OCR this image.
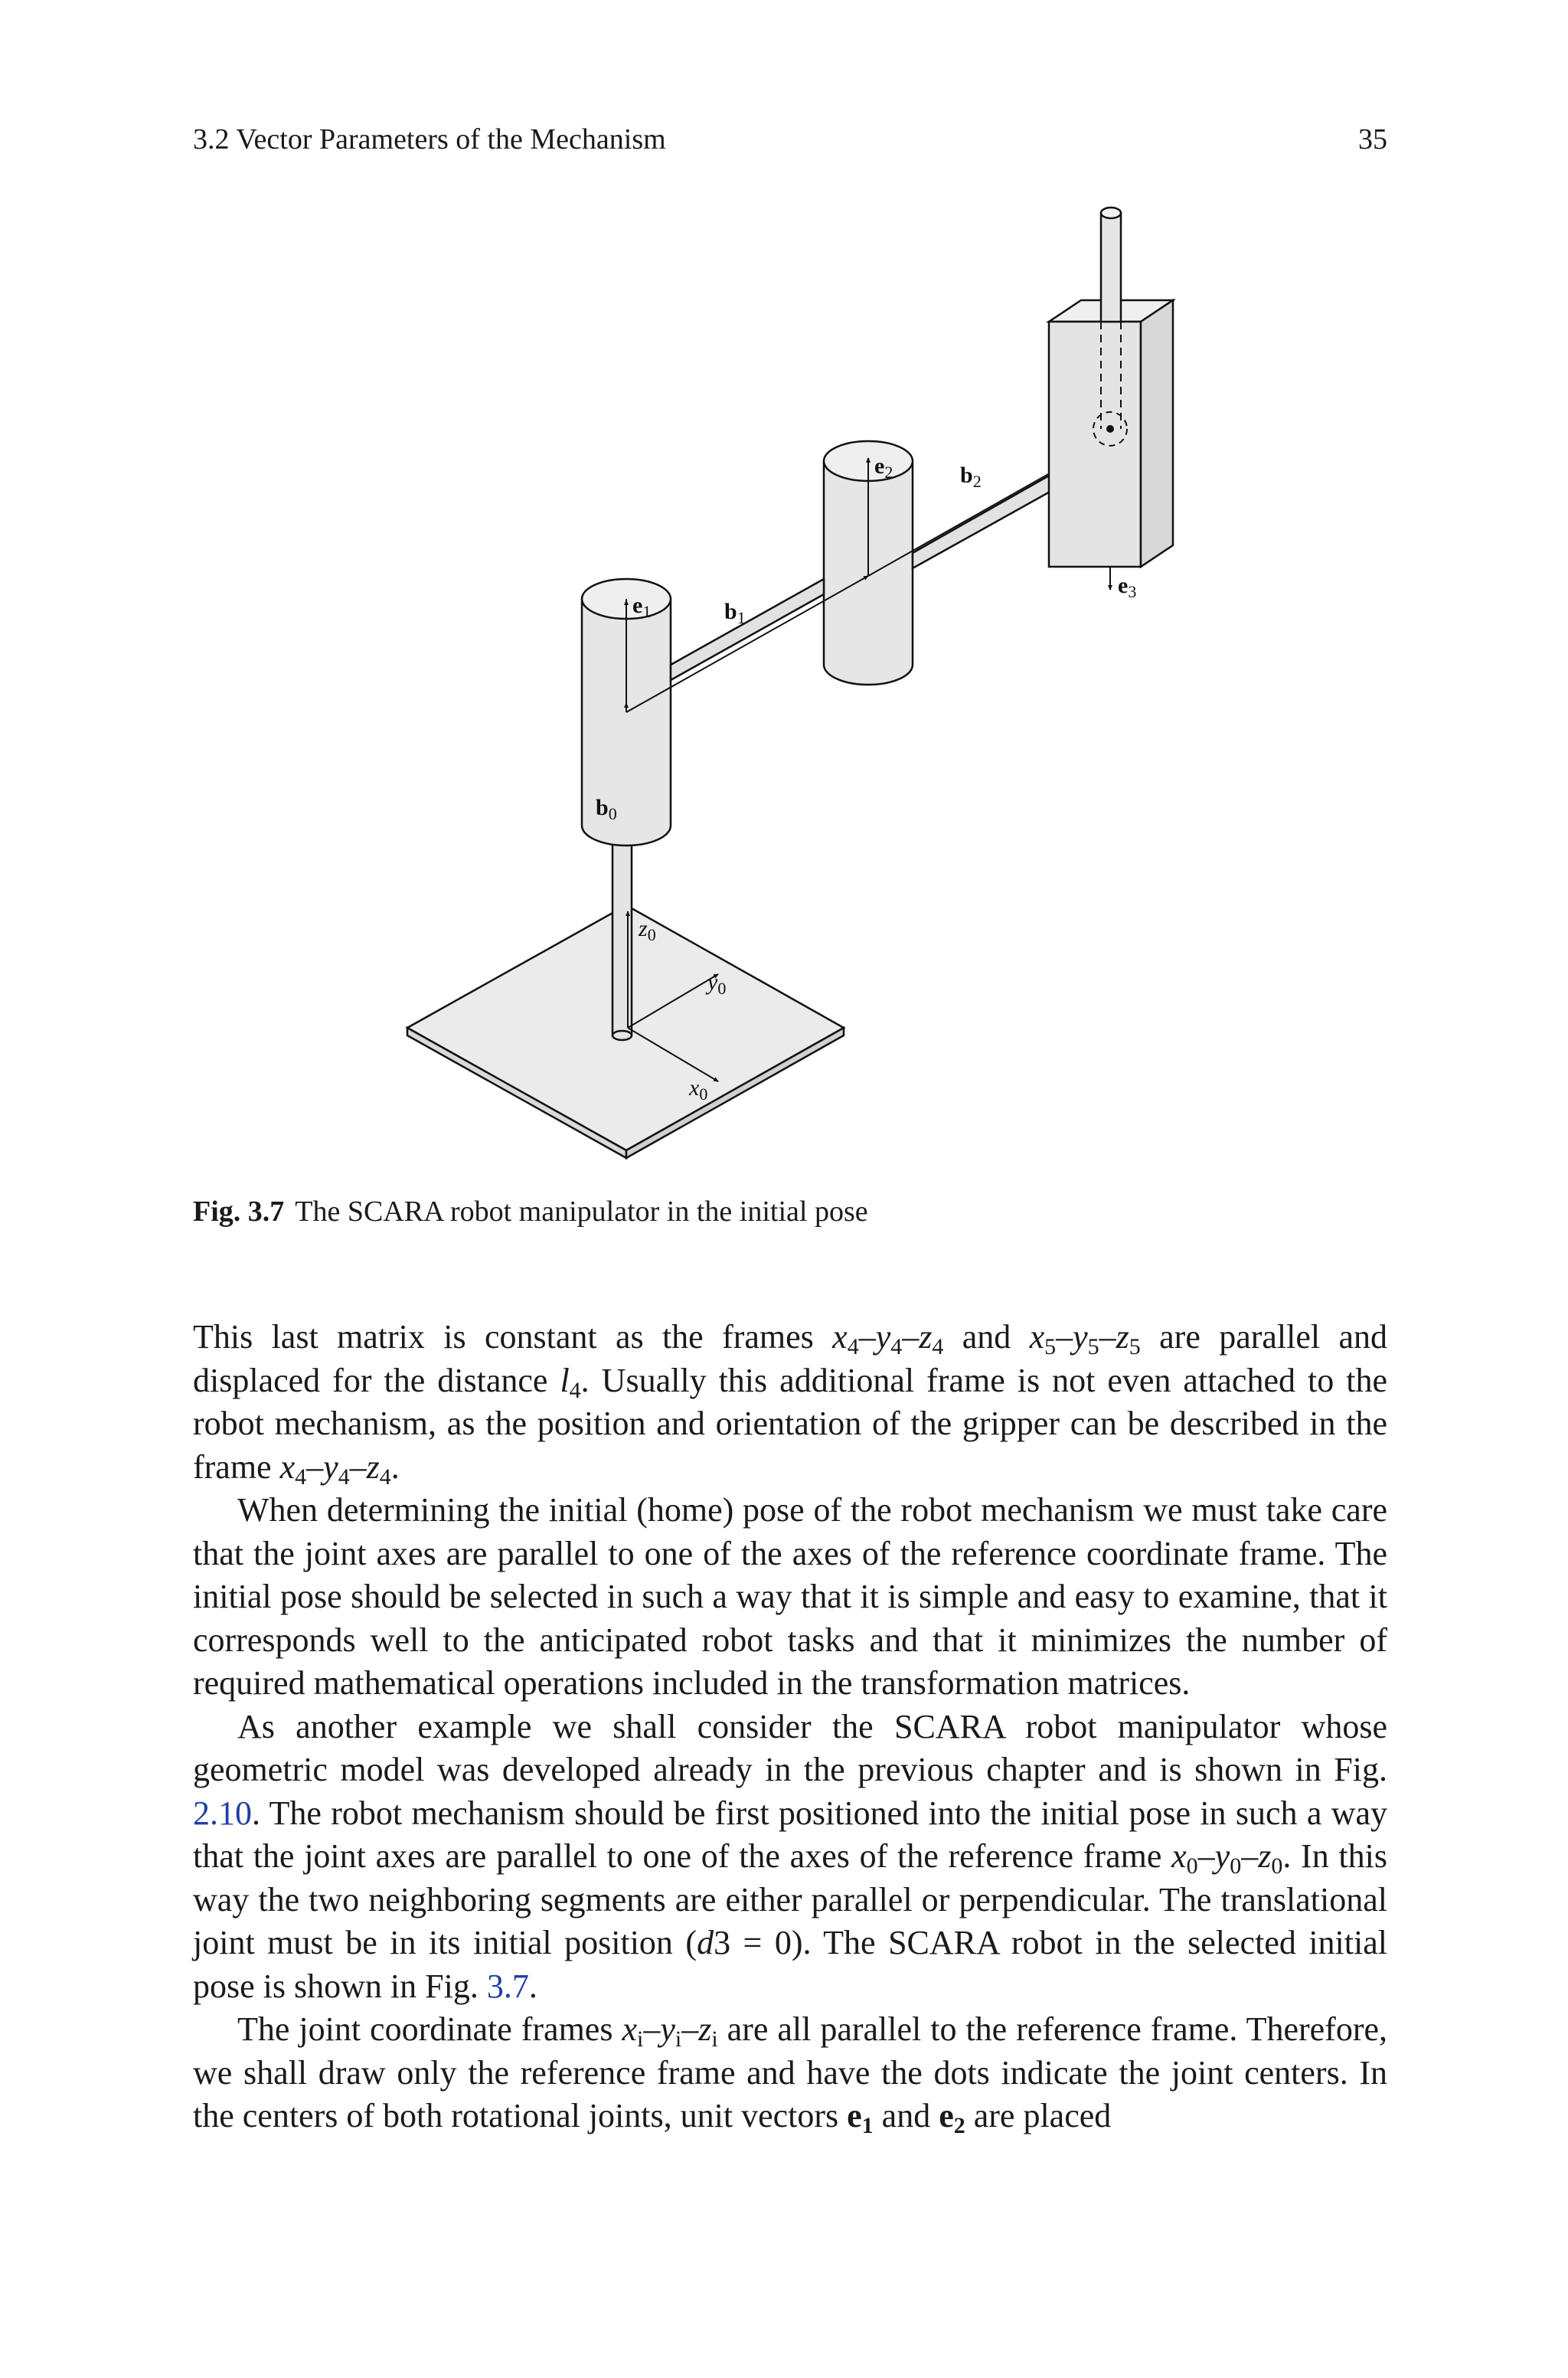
3.2 Vector Parameters of the Mechanism	35
$e_1$
$e_2$
$e_3$
$b_0$
$b_1$
$b_2$
$z_0$
$y_0$
$x_0$
Fig. 3.7 The SCARA robot manipulator in the initial pose

This last matrix is constant as the frames $x_4-y_4-z_4$ and $x_5-y_5-z_5$ are parallel and displaced for the distance $l_4$. Usually this additional frame is not even attached to the robot mechanism, as the position and orientation of the gripper can be described in the frame $x_4-y_4-z_4$.

When determining the initial (home) pose of the robot mechanism we must take care that the joint axes are parallel to one of the axes of the reference coordinate frame. The initial pose should be selected in such a way that it is simple and easy to examine, that it corresponds well to the anticipated robot tasks and that it minimizes the number of required mathematical operations included in the transformation matrices.

As another example we shall consider the SCARA robot manipulator whose geometric model was developed already in the previous chapter and is shown in Fig. 2.10. The robot mechanism should be first positioned into the initial pose in such a way that the joint axes are parallel to one of the axes of the reference frame $x_0-y_0-z_0$. In this way the two neighboring segments are either parallel or perpendicular. The translational joint must be in its initial position (d3 = 0). The SCARA robot in the selected initial pose is shown in Fig. 3.7.

The joint coordinate frames $x_i-y_i-z_i$ are all parallel to the reference frame. Therefore, we shall draw only the reference frame and have the dots indicate the joint centers. In the centers of both rotational joints, unit vectors $e_1$ and $e_2$ are placed
